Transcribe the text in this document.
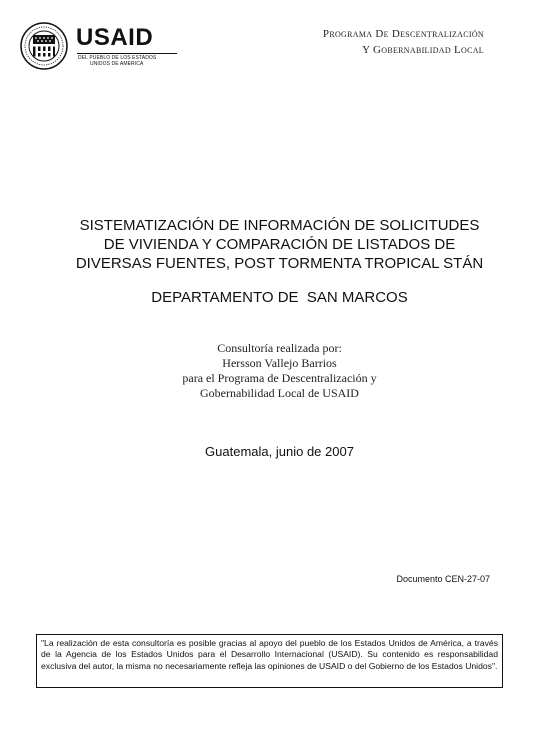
USAID
DEL PUEBLO DE LOS ESTADOS
UNIDOS DE AMERICA
Programa De Descentralización
Y Gobernabilidad Local
SISTEMATIZACIÓN DE INFORMACIÓN DE SOLICITUDES
DE VIVIENDA Y COMPARACIÓN DE LISTADOS DE
DIVERSAS FUENTES, POST TORMENTA TROPICAL STÁN
DEPARTAMENTO DE  SAN MARCOS
Consultoría realizada por:
Hersson Vallejo Barrios
para el Programa de Descentralización y
Gobernabilidad Local de USAID
Guatemala, junio de 2007
Documento CEN-27-07
"La realización de esta consultoría es posible gracias al apoyo del pueblo de los Estados Unidos de América, a través de la Agencia de los Estados Unidos para el Desarrollo Internacional (USAID). Su contenido es responsabilidad exclusiva del autor, la misma no necesariamente refleja las opiniones de USAID o del Gobierno de los Estados Unidos".
